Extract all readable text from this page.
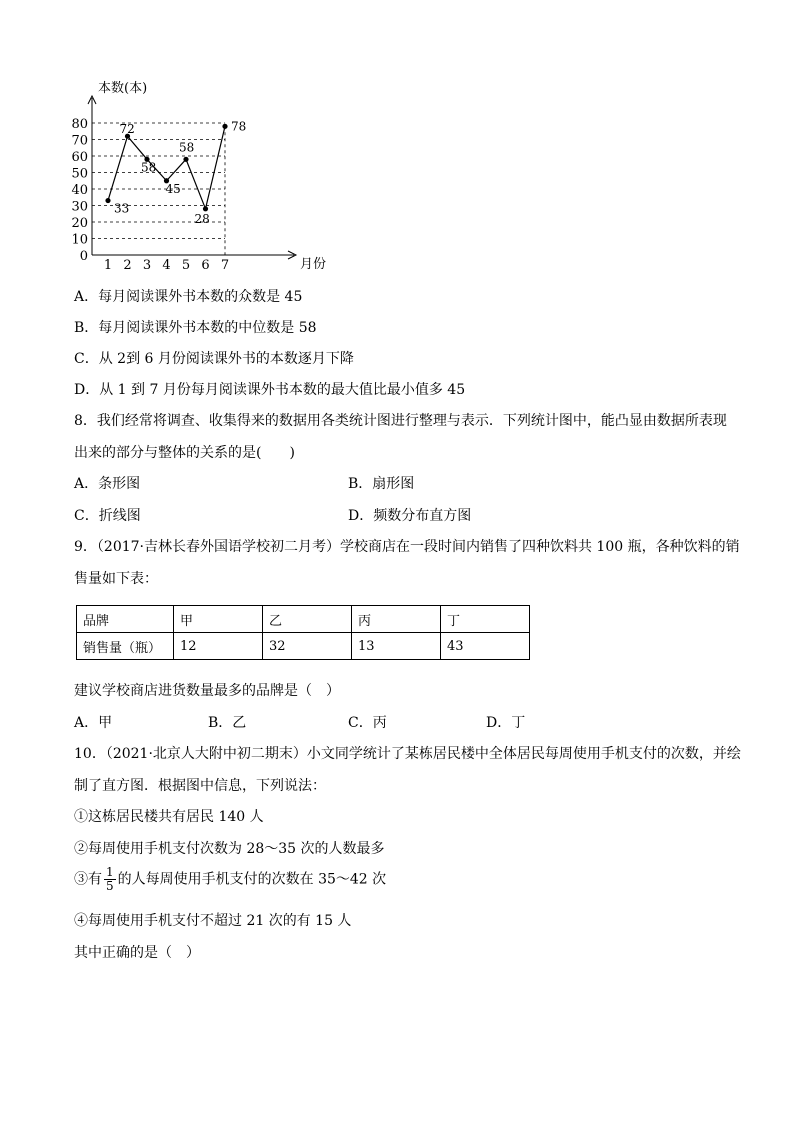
0
10
20
30
40
50
60
70
80
1 2 3 4 5 6 7
33
72
58
45
58
28
78
本数(本)
月份
A．每月阅读课外书本数的众数是 45
B．每月阅读课外书本数的中位数是 58
C．从 2到 6 月份阅读课外书的本数逐月下降
D．从 1 到 7 月份每月阅读课外书本数的最大值比最小值多 45
8．我们经常将调查、收集得来的数据用各类统计图进行整理与表示．下列统计图中，能凸显由数据所表现
出来的部分与整体的关系的是(　　)
A．条形图	B．扇形图
C．折线图	D．频数分布直方图
9．（2017·吉林长春外国语学校初二月考）学校商店在一段时间内销售了四种饮料共 100 瓶，各种饮料的销
售量如下表：
品牌	甲	乙	丙	丁
销售量（瓶）	12	32	13	43
建议学校商店进货数量最多的品牌是（　）
A．甲	B．乙	C．丙	D．丁
10．（2021·北京人大附中初二期末）小文同学统计了某栋居民楼中全体居民每周使用手机支付的次数，并绘
制了直方图．根据图中信息，下列说法：
①这栋居民楼共有居民 140 人
②每周使用手机支付次数为 28～35 次的人数最多
③有 $\frac{1}{5}$ 的人每周使用手机支付的次数在 35～42 次
④每周使用手机支付不超过 21 次的有 15 人
其中正确的是（　）
